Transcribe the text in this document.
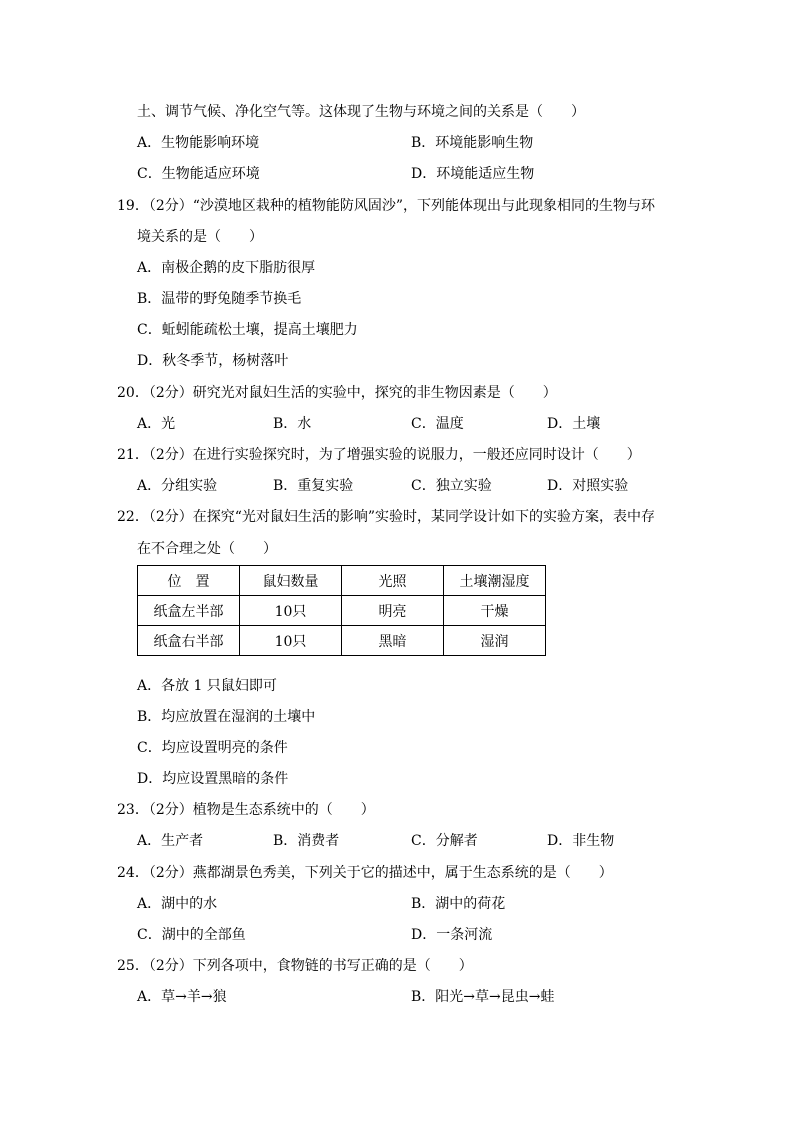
土、调节气候、净化空气等。这体现了生物与环境之间的关系是（　　）
A．生物能影响环境	B．环境能影响生物
C．生物能适应环境	D．环境能适应生物
19．（2分）“沙漠地区栽种的植物能防风固沙”，下列能体现出与此现象相同的生物与环
境关系的是（　　）
A．南极企鹅的皮下脂肪很厚
B．温带的野兔随季节换毛
C．蚯蚓能疏松土壤，提高土壤肥力
D．秋冬季节，杨树落叶
20．（2分）研究光对鼠妇生活的实验中，探究的非生物因素是（　　）
A．光	B．水	C．温度	D．土壤
21．（2分）在进行实验探究时，为了增强实验的说服力，一般还应同时设计（　　）
A．分组实验	B．重复实验	C．独立实验	D．对照实验
22．（2分）在探究“光对鼠妇生活的影响”实验时，某同学设计如下的实验方案，表中存
在不合理之处（　　）
位　置	鼠妇数量	光照	土壤潮湿度
纸盒左半部	10只	明亮	干燥
纸盒右半部	10只	黑暗	湿润
A．各放 1 只鼠妇即可
B．均应放置在湿润的土壤中
C．均应设置明亮的条件
D．均应设置黑暗的条件
23．（2分）植物是生态系统中的（　　）
A．生产者	B．消费者	C．分解者	D．非生物
24．（2分）燕都湖景色秀美，下列关于它的描述中，属于生态系统的是（　　）
A．湖中的水	B．湖中的荷花
C．湖中的全部鱼	D．一条河流
25．（2分）下列各项中，食物链的书写正确的是（　　）
A．草→羊→狼	B．阳光→草→昆虫→蛙
